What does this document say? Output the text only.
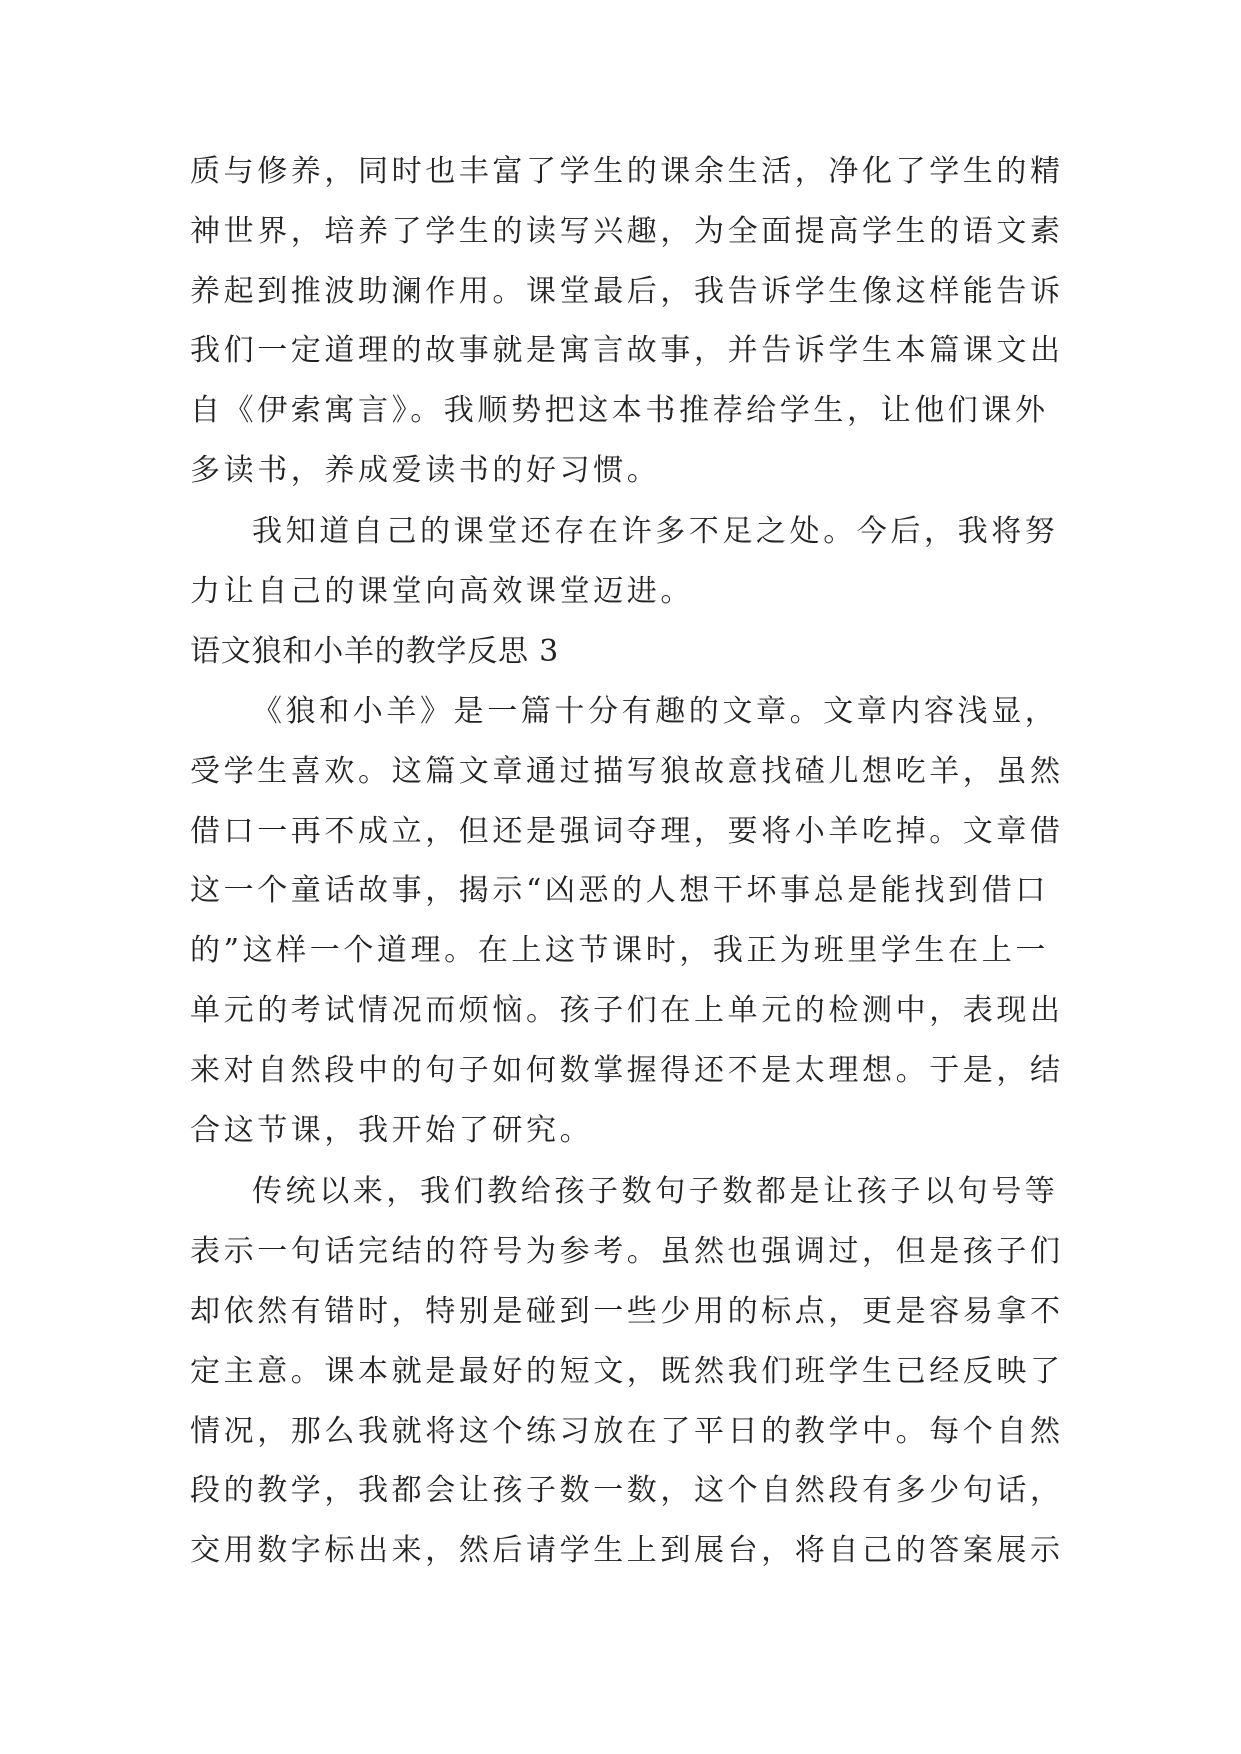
质与修养，同时也丰富了学生的课余生活，净化了学生的精
神世界，培养了学生的读写兴趣，为全面提高学生的语文素
养起到推波助澜作用。课堂最后，我告诉学生像这样能告诉
我们一定道理的故事就是寓言故事，并告诉学生本篇课文出
自《伊索寓言》。我顺势把这本书推荐给学生，让他们课外
多读书，养成爱读书的好习惯。
我知道自己的课堂还存在许多不足之处。今后，我将努
力让自己的课堂向高效课堂迈进。
语文狼和小羊的教学反思 3
《狼和小羊》是一篇十分有趣的文章。文章内容浅显，
受学生喜欢。这篇文章通过描写狼故意找碴儿想吃羊，虽然
借口一再不成立，但还是强词夺理，要将小羊吃掉。文章借
这一个童话故事，揭示“凶恶的人想干坏事总是能找到借口
的”这样一个道理。在上这节课时，我正为班里学生在上一
单元的考试情况而烦恼。孩子们在上单元的检测中，表现出
来对自然段中的句子如何数掌握得还不是太理想。于是，结
合这节课，我开始了研究。
传统以来，我们教给孩子数句子数都是让孩子以句号等
表示一句话完结的符号为参考。虽然也强调过，但是孩子们
却依然有错时，特别是碰到一些少用的标点，更是容易拿不
定主意。课本就是最好的短文，既然我们班学生已经反映了
情况，那么我就将这个练习放在了平日的教学中。每个自然
段的教学，我都会让孩子数一数，这个自然段有多少句话，
交用数字标出来，然后请学生上到展台，将自己的答案展示
